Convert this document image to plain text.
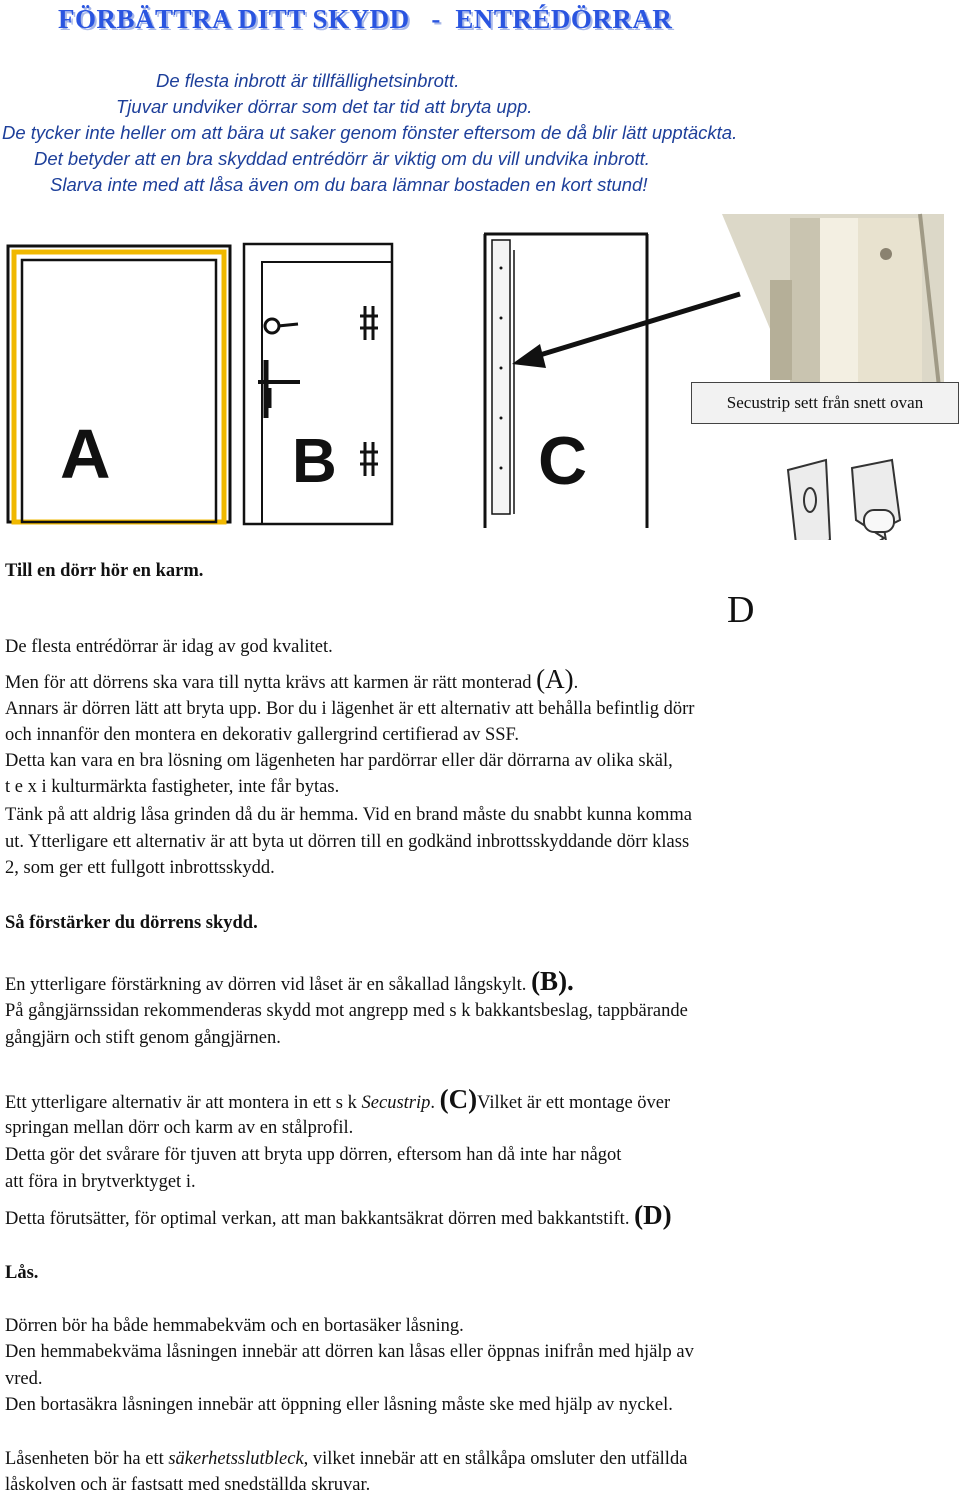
FÖRBÄTTRA DITT SKYDD   -  ENTRÉDÖRRAR
De flesta inbrott är tillfällighetsinbrott.
Tjuvar undviker dörrar som det tar tid att bryta upp.
De tycker inte heller om att bära ut saker genom fönster eftersom de då blir lätt upptäckta.
Det betyder att en bra skyddad entrédörr är viktig om du vill undvika inbrott.
Slarva inte med att låsa även om du bara lämnar bostaden en kort stund!
A	B	C
Secustrip sett från snett ovan
D

Till en dörr hör en karm.

De flesta entrédörrar är idag av god kvalitet.

Men för att dörrens ska vara till nytta krävs att karmen är rätt monterad (A).

Annars är dörren lätt att bryta upp. Bor du i lägenhet är ett alternativ att behålla befintlig dörr

och innanför den montera en dekorativ gallergrind certifierad av SSF.

Detta kan vara en bra lösning om lägenheten har pardörrar eller där dörrarna av olika skäl,

t e x i kulturmärkta fastigheter, inte får bytas.

Tänk på att aldrig låsa grinden då du är hemma. Vid en brand måste du snabbt kunna komma

ut. Ytterligare ett alternativ är att byta ut dörren till en godkänd inbrottsskyddande dörr klass

2, som ger ett fullgott inbrottsskydd.

Så förstärker du dörrens skydd.

En ytterligare förstärkning av dörren vid låset är en såkallad långskylt. (B).

På gångjärnssidan rekommenderas skydd mot angrepp med s k bakkantsbeslag, tappbärande

gångjärn och stift genom gångjärnen.

Ett ytterligare alternativ är att montera in ett s k Secustrip. (C)Vilket är ett montage över

springan mellan dörr och karm av en stålprofil.

Detta gör det svårare för tjuven att bryta upp dörren, eftersom han då inte har något

att föra in brytverktyget i.

Detta förutsätter, för optimal verkan, att man bakkantsäkrat dörren med bakkantstift. (D)

Lås.

Dörren bör ha både hemmabekväm och en bortasäker låsning.

Den hemmabekväma låsningen innebär att dörren kan låsas eller öppnas inifrån med hjälp av

vred.

Den bortasäkra låsningen innebär att öppning eller låsning måste ske med hjälp av nyckel.

Låsenheten bör ha ett säkerhetsslutbleck, vilket innebär att en stålkåpa omsluter den utfällda

låskolven och är fastsatt med snedställda skruvar.
